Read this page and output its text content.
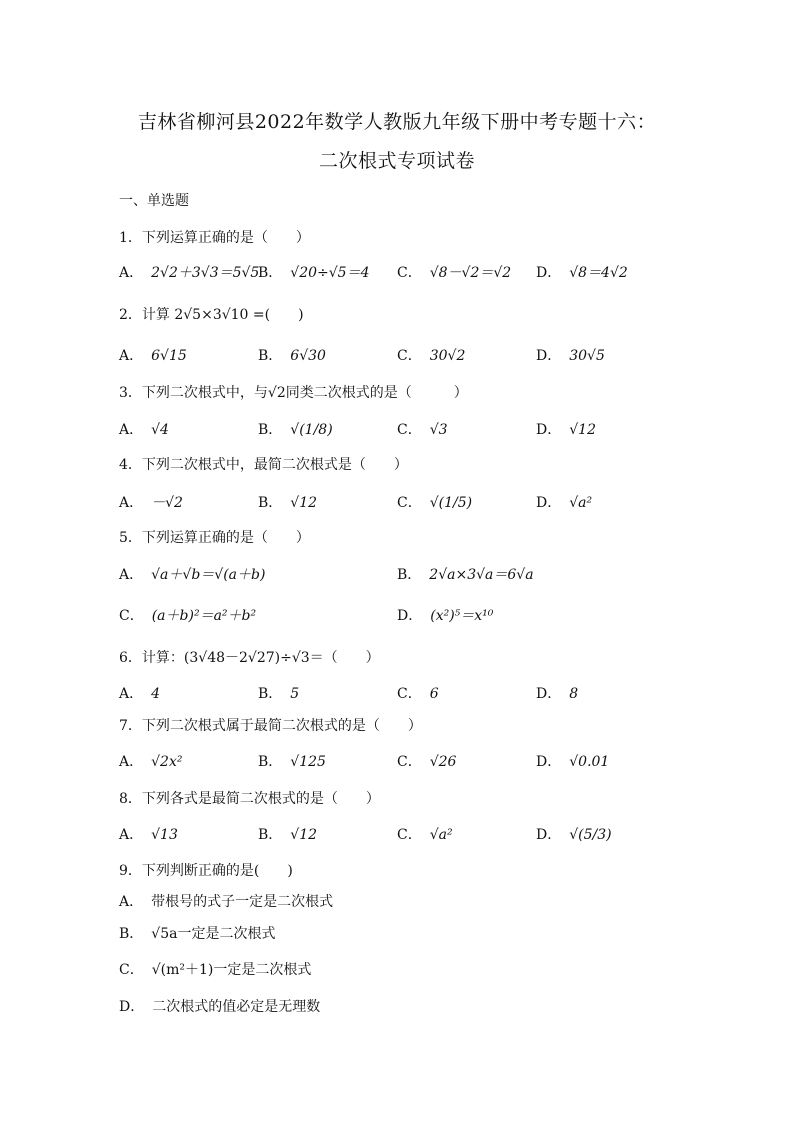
吉林省柳河县2022年数学人教版九年级下册中考专题十六：
二次根式专项试卷
一、单选题
1．下列运算正确的是（　　）
2．计算 2√5×3√10 =(　　)
3．下列二次根式中，与√2同类二次根式的是（　　　）
4．下列二次根式中，最简二次根式是（　　）
5．下列运算正确的是（　　）
6．计算：(3√48－2√27)÷√3＝（　　）
7．下列二次根式属于最简二次根式的是（　　）
8．下列各式是最简二次根式的是（　　）
9．下列判断正确的是(　　)
A． 2√2＋3√3＝5√5
B． √20÷√5＝4 C． √8－√2＝√2 D． √8＝4√2
A． 6√15	B． 6√30	C． 30√2	D． 30√5
A． √4	B． √(1/8)	C． √3	D． √12
A． －√2	B． √12	C． √(1/5)	D． √a²
A． √a＋√b＝√(a＋b)	B． 2√a×3√a＝6√a
C． (a＋b)²＝a²＋b²	D． (x²)⁵＝x¹⁰
A． 4	B． 5	C． 6	D． 8
A． √2x²	B． √125	C． √26	D． √0.01
A． √13	B． √12	C． √a²	D． √(5/3)
A． 带根号的式子一定是二次根式
B． √5a一定是二次根式
C． √(m²＋1)一定是二次根式
D． 二次根式的值必定是无理数
